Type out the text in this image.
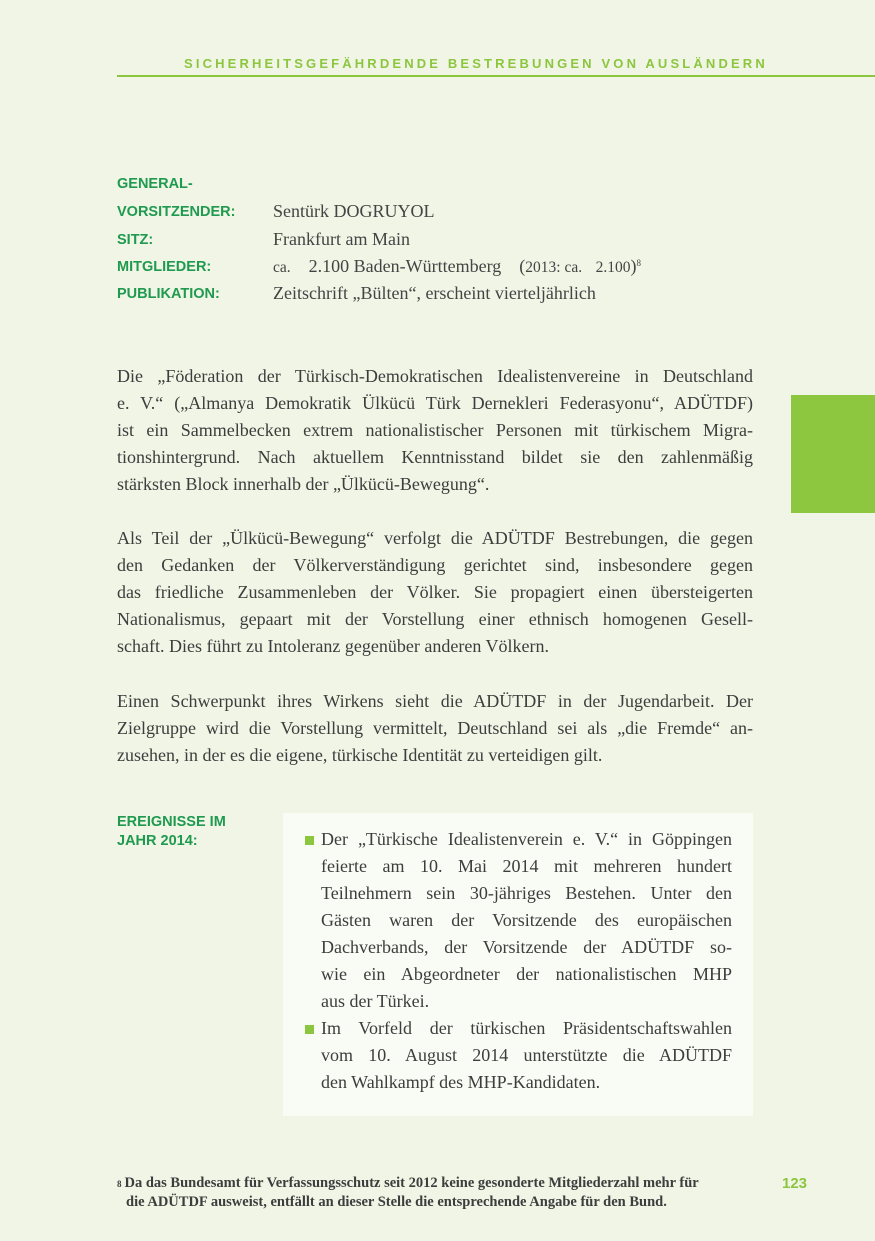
SICHERHEITSGEFÄHRDENDE BESTREBUNGEN VON AUSLÄNDERN
GENERAL-
VORSITZENDER: Sentürk DOGRUYOL
SITZ:	Frankfurt am Main
MITGLIEDER:	ca. 2.100 Baden-Württemberg (2013: ca. 2.100)$^8$
PUBLIKATION:	Zeitschrift „Bülten“, erscheint vierteljährlich

Die „Föderation der Türkisch-Demokratischen Idealistenvereine in Deutschland
e. V.“ („Almanya Demokratik Ülkücü Türk Dernekleri Federasyonu“, ADÜTDF)
ist ein Sammelbecken extrem nationalistischer Personen mit türkischem Migra-
tionshintergrund. Nach aktuellem Kenntnisstand bildet sie den zahlenmäßig
stärksten Block innerhalb der „Ülkücü-Bewegung“.

Als Teil der „Ülkücü-Bewegung“ verfolgt die ADÜTDF Bestrebungen, die gegen
den Gedanken der Völkerverständigung gerichtet sind, insbesondere gegen
das friedliche Zusammenleben der Völker. Sie propagiert einen übersteigerten
Nationalismus, gepaart mit der Vorstellung einer ethnisch homogenen Gesell-
schaft. Dies führt zu Intoleranz gegenüber anderen Völkern.

Einen Schwerpunkt ihres Wirkens sieht die ADÜTDF in der Jugendarbeit. Der
Zielgruppe wird die Vorstellung vermittelt, Deutschland sei als „die Fremde“ an-
zusehen, in der es die eigene, türkische Identität zu verteidigen gilt.

EREIGNISSE IM
JAHR 2014:	Der „Türkische Idealistenverein e. V.“ in Göppingen
feierte am 10. Mai 2014 mit mehreren hundert
Teilnehmern sein 30-jähriges Bestehen. Unter den
Gästen waren der Vorsitzende des europäischen
Dachverbands, der Vorsitzende der ADÜTDF so-
wie ein Abgeordneter der nationalistischen MHP
aus der Türkei.

Im Vorfeld der türkischen Präsidentschaftswahlen
vom 10. August 2014 unterstützte die ADÜTDF
den Wahlkampf des MHP-Kandidaten.

$^8$ Da das Bundesamt für Verfassungsschutz seit 2012 keine gesonderte Mitgliederzahl mehr für
die ADÜTDF ausweist, entfällt an dieser Stelle die entsprechende Angabe für den Bund.
123
